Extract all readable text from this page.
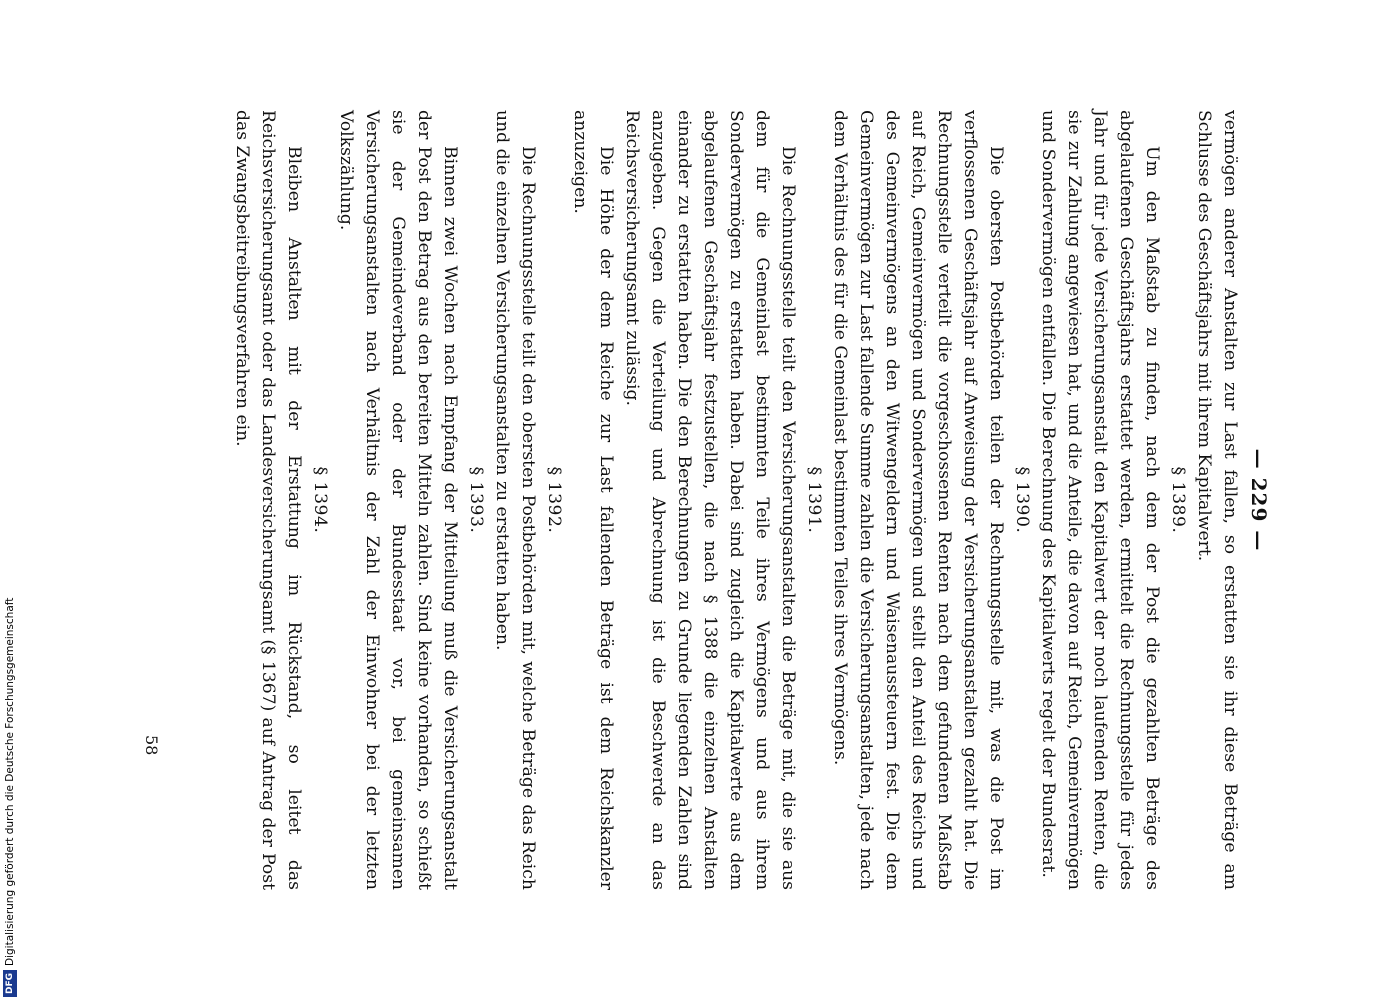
— 229 —

vermögen anderer Anstalten zur Last fallen, so erstatten sie ihr diese Beträge am Schlusse des Geschäftsjahrs mit ihrem Kapitalwert.

§ 1389.

Um den Maßstab zu finden, nach dem der Post die gezahlten Beträge des abgelaufenen Geschäftsjahrs erstattet werden, ermittelt die Rechnungsstelle für jedes Jahr und für jede Versicherungsanstalt den Kapitalwert der noch laufenden Renten, die sie zur Zahlung angewiesen hat, und die Anteile, die davon auf Reich, Gemeinvermögen und Sondervermögen entfallen. Die Berechnung des Kapitalwerts regelt der Bundesrat.

§ 1390.

Die obersten Postbehörden teilen der Rechnungsstelle mit, was die Post im verflossenen Geschäftsjahr auf Anweisung der Versicherungsanstalten gezahlt hat. Die Rechnungsstelle verteilt die vorgeschossenen Renten nach dem gefundenen Maßstab auf Reich, Gemeinvermögen und Sondervermögen und stellt den Anteil des Reichs und des Gemeinvermögens an den Witwengeldern und Waisenaussteuern fest. Die dem Gemeinvermögen zur Last fallende Summe zahlen die Versicherungsanstalten, jede nach dem Verhältnis des für die Gemeinlast bestimmten Teiles ihres Vermögens.

§ 1391.

Die Rechnungsstelle teilt den Versicherungsanstalten die Beträge mit, die sie aus dem für die Gemeinlast bestimmten Teile ihres Vermögens und aus ihrem Sondervermögen zu erstatten haben. Dabei sind zugleich die Kapitalwerte aus dem abgelaufenen Geschäftsjahr festzustellen, die nach § 1388 die einzelnen Anstalten einander zu erstatten haben. Die den Berechnungen zu Grunde liegenden Zahlen sind anzugeben. Gegen die Verteilung und Abrechnung ist die Beschwerde an das Reichsversicherungsamt zulässig.

Die Höhe der dem Reiche zur Last fallenden Beträge ist dem Reichskanzler anzuzeigen.

§ 1392.

Die Rechnungsstelle teilt den obersten Postbehörden mit, welche Beträge das Reich und die einzelnen Versicherungsanstalten zu erstatten haben.

§ 1393.

Binnen zwei Wochen nach Empfang der Mitteilung muß die Versicherungsanstalt der Post den Betrag aus den bereiten Mitteln zahlen. Sind keine vorhanden, so schießt sie der Gemeindeverband oder der Bundesstaat vor, bei gemeinsamen Versicherungsanstalten nach Verhältnis der Zahl der Einwohner bei der letzten Volkszählung.

§ 1394.

Bleiben Anstalten mit der Erstattung im Rückstand, so leitet das Reichsversicherungsamt oder das Landesversicherungsamt (§ 1367) auf Antrag der Post das Zwangsbeitreibungsverfahren ein.

58
DFG
Digitalisierung gefördert durch die Deutsche Forschungsgemeinschaft
